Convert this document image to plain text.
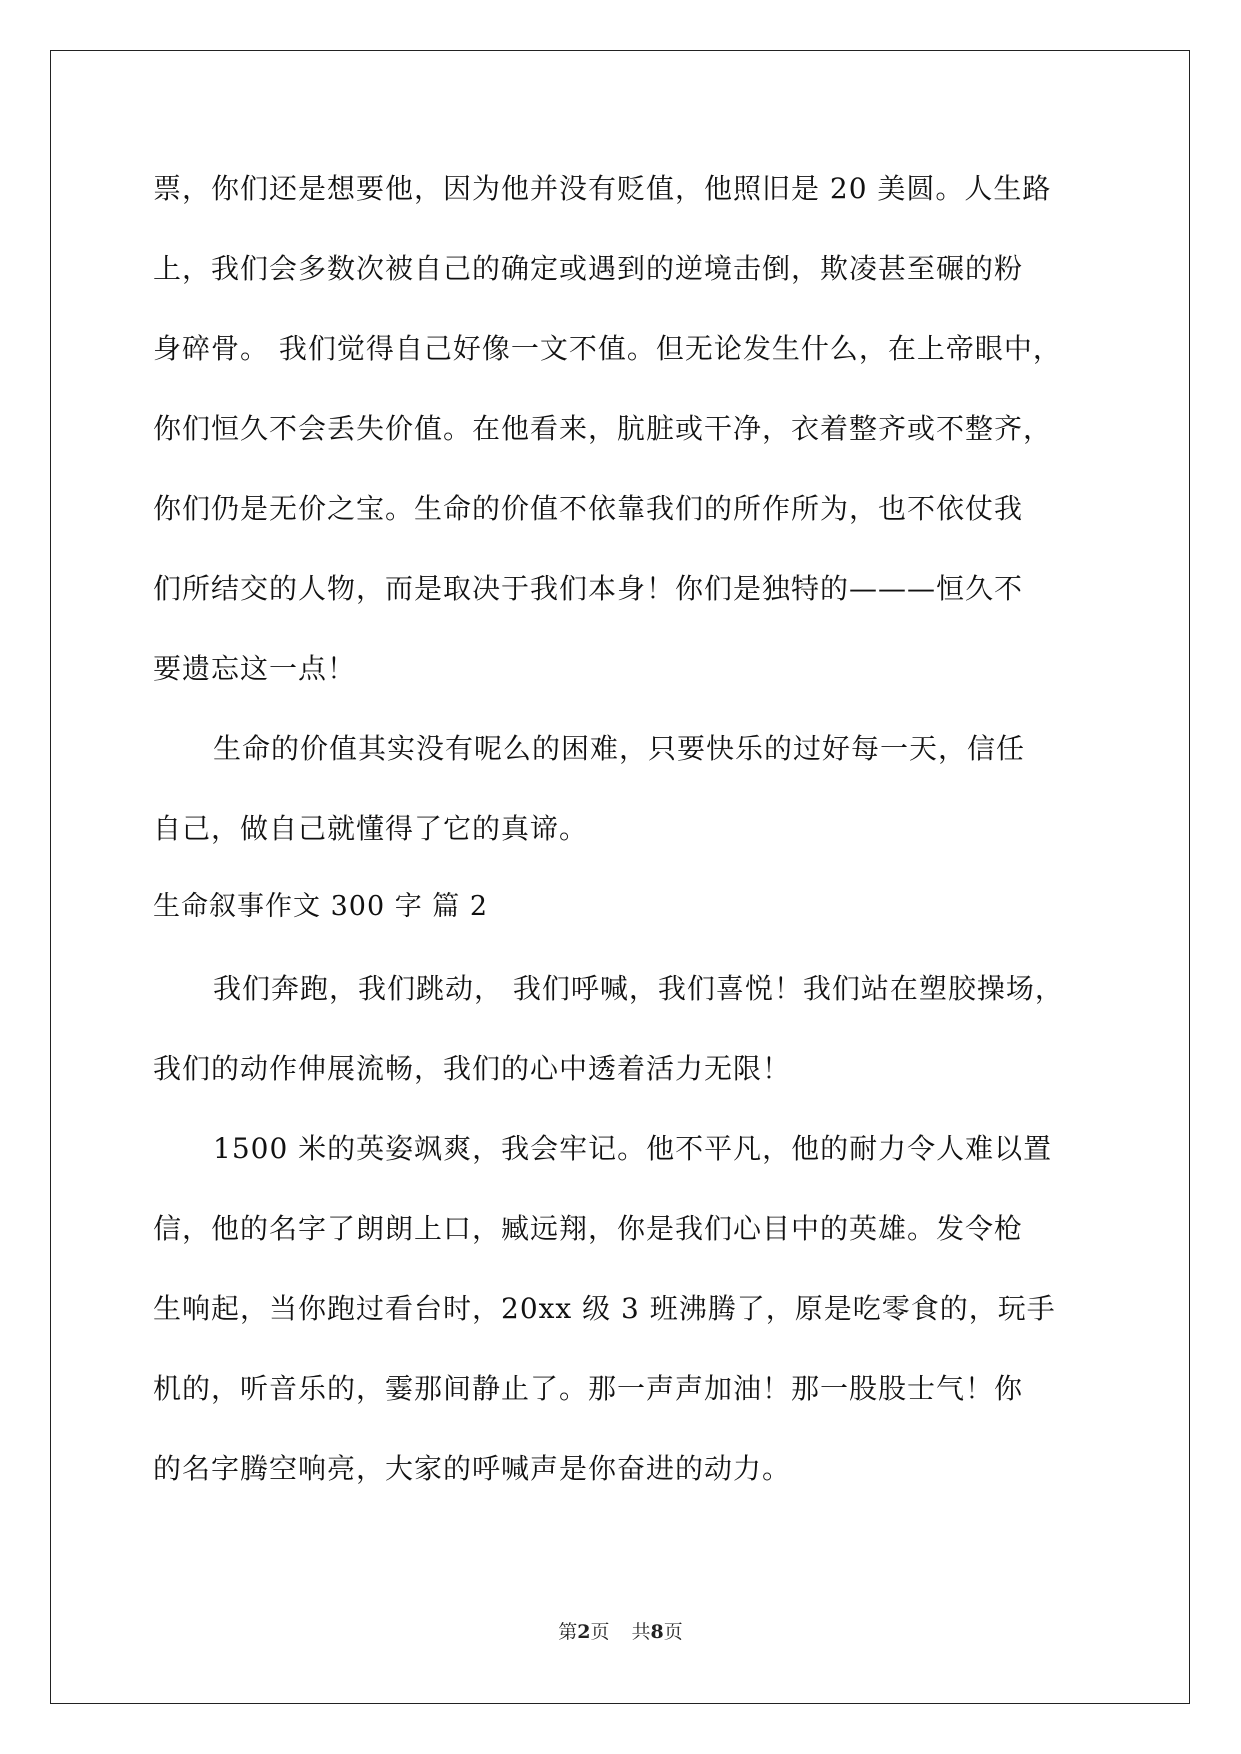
票，你们还是想要他，因为他并没有贬值，他照旧是 20 美圆。人生路
上，我们会多数次被自己的确定或遇到的逆境击倒，欺凌甚至碾的粉
身碎骨。 我们觉得自己好像一文不值。但无论发生什么，在上帝眼中，
你们恒久不会丢失价值。在他看来，肮脏或干净，衣着整齐或不整齐，
你们仍是无价之宝。生命的价值不依靠我们的所作所为，也不依仗我
们所结交的人物，而是取决于我们本身！你们是独特的———恒久不
要遗忘这一点！
生命的价值其实没有呢么的困难，只要快乐的过好每一天，信任
自己，做自己就懂得了它的真谛。
生命叙事作文 300 字 篇 2
我们奔跑，我们跳动， 我们呼喊，我们喜悦！我们站在塑胶操场，
我们的动作伸展流畅，我们的心中透着活力无限！
1500 米的英姿飒爽，我会牢记。他不平凡，他的耐力令人难以置
信，他的名字了朗朗上口，臧远翔，你是我们心目中的英雄。发令枪
生响起，当你跑过看台时，20xx 级 3 班沸腾了，原是吃零食的，玩手
机的，听音乐的，霎那间静止了。那一声声加油！那一股股士气！你
的名字腾空响亮，大家的呼喊声是你奋进的动力。
第2页 共8页
